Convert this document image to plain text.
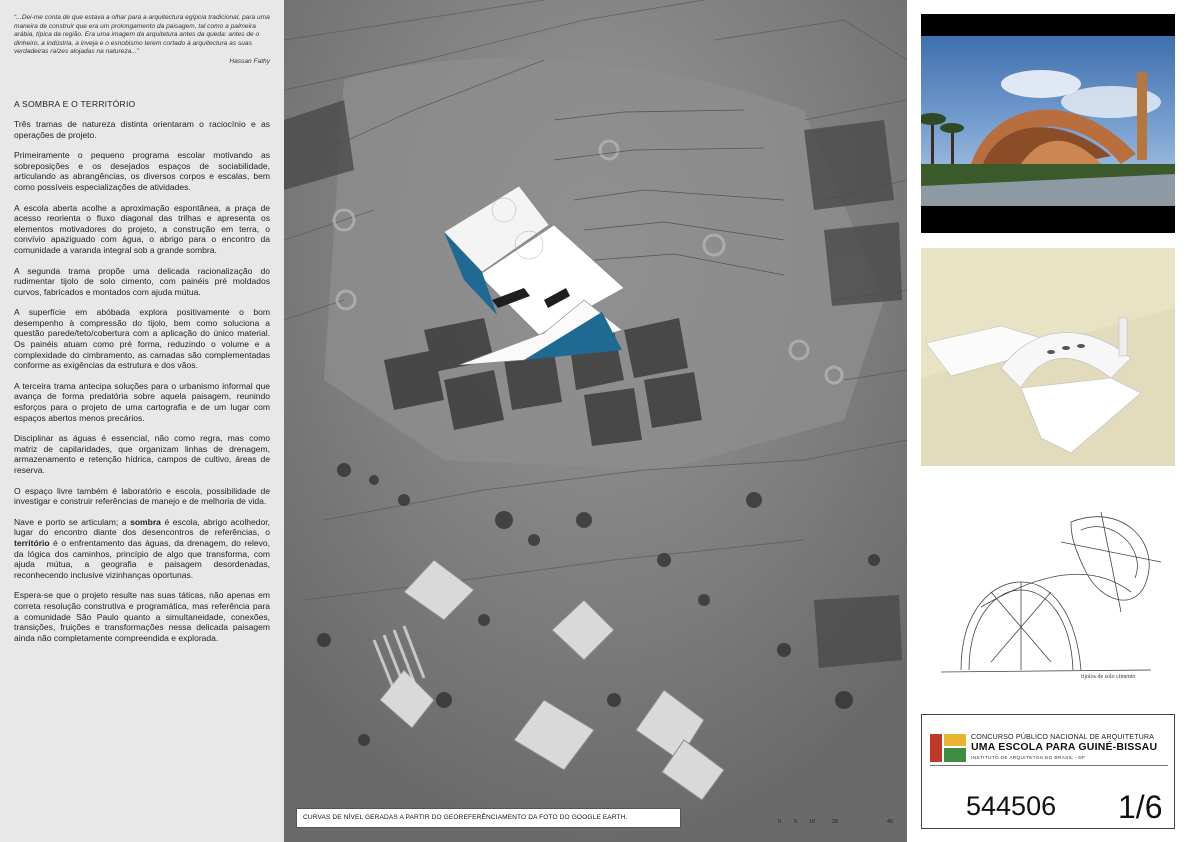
“...Dei-me conta de que estava a olhar para a arquitectura egípcia tradicional, para uma maneira de construir que era um prolongamento da paisagem, tal como a palmeira arábia, típica da região. Era uma imagem da arquitetura antes da queda: antes de o dinheiro, a indústria, a inveja e o esnobismo terem cortado à arquitectura as suas verdadeiras raízes alojadas na natureza...”
Hassan Fathy
A SOMBRA E O TERRITÓRIO

Três tramas de natureza distinta orientaram o raciocínio e as operações de projeto.

Primeiramente o pequeno programa escolar motivando as sobreposições e os desejados espaços de sociabilidade, articulando as abrangências, os diversos corpos e escalas, bem como possíveis especializações de atividades.

A escola aberta acolhe a aproximação espontânea, a praça de acesso reorienta o fluxo diagonal das trilhas e apresenta os elementos motivadores do projeto, a construção em terra, o convívio apaziguado com água, o abrigo para o encontro da comunidade a varanda integral sob a grande sombra.

A segunda trama propõe uma delicada racionalização do rudimentar tijolo de solo cimento, com painéis pré moldados curvos, fabricados e montados com ajuda mútua.

A superfície em abóbada explora positivamente o bom desempenho à compressão do tijolo, bem como soluciona a questão parede/teto/cobertura com a aplicação do único material. Os painéis atuam como pré forma, reduzindo o volume e a complexidade do cimbramento, as camadas são complementadas conforme as exigências da estrutura e dos vãos.

A terceira trama antecipa soluções para o urbanismo informal que avança de forma predatória sobre aquela paisagem, reunindo esforços para o projeto de uma cartografia e de um lugar com espaços abertos menos precários.

Disciplinar as águas é essencial, não como regra, mas como matriz de capilaridades, que organizam linhas de drenagem, armazenamento e retenção hídrica, campos de cultivo, áreas de reserva.

O espaço livre também é laboratório e escola, possibilidade de investigar e construir referências de manejo e de melhoria de vida.

Nave e porto se articulam; a sombra é escola, abrigo acolhedor, lugar do encontro diante dos desencontros de referências, o território é o enfrentamento das águas, da drenagem, do relevo, da lógica dos caminhos, princípio de algo que transforma, com ajuda mútua, a geografia e paisagem desordenadas, reconhecendo inclusive vizinhanças oportunas.

Espera-se que o projeto resulte nas suas táticas, não apenas em correta resolução construtiva e programática, mas referência para a comunidade São Paulo quanto a simultaneidade, conexões, transições, fruições e transformações nessa delicada paisagem ainda não completamente compreendida e explorada.

CURVAS DE NÍVEL GERADAS A PARTIR DO GEOREFERÊNCIAMENTO DA FOTO DO GOOGLE EARTH.
0 5 10	20	40
tijolos de solo cimento
CONCURSO PÚBLICO NACIONAL DE ARQUITETURA
UMA ESCOLA PARA GUINÉ-BISSAU
INSTITUTO DE ARQUITETOS DO BRASIL - DF
544506 1/6
